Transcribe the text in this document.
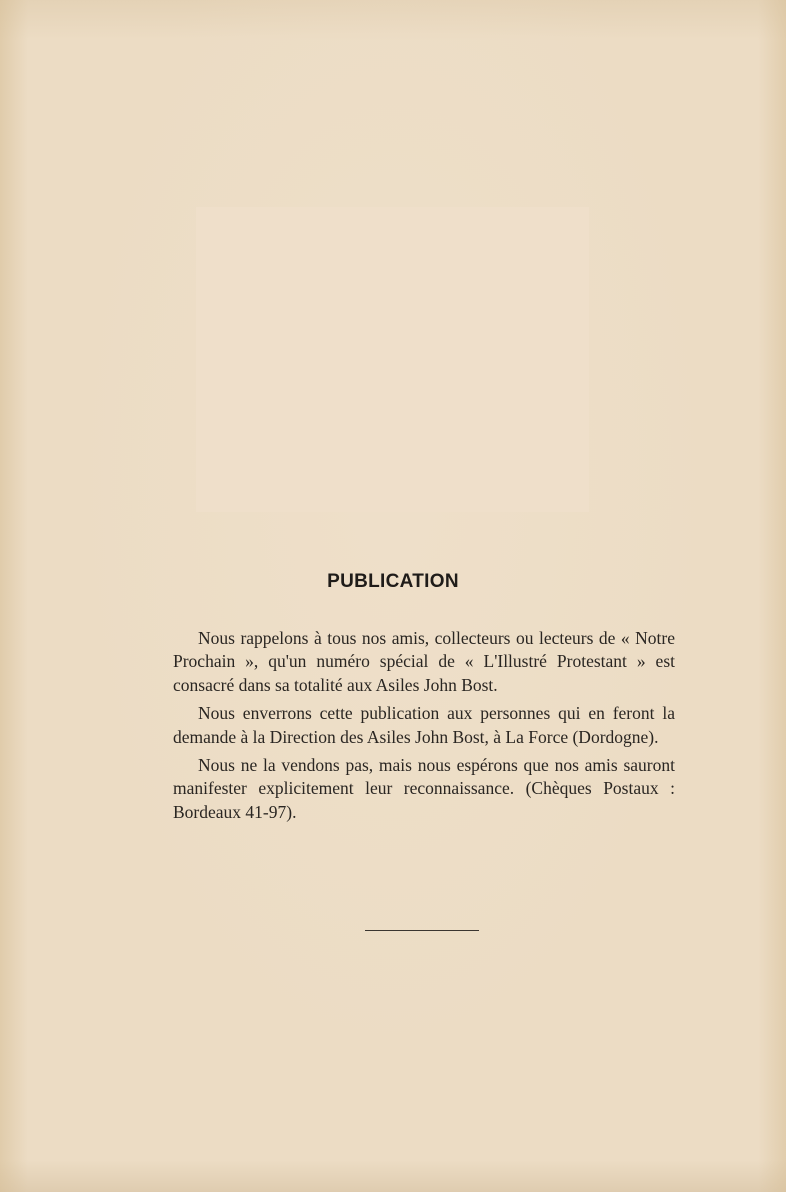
PUBLICATION

Nous rappelons à tous nos amis, collecteurs ou lecteurs de « Notre Prochain », qu'un numéro spécial de « L'Illustré Protestant » est consacré dans sa totalité aux Asiles John Bost.

Nous enverrons cette publication aux personnes qui en feront la demande à la Direction des Asiles John Bost, à La Force (Dordogne).

Nous ne la vendons pas, mais nous espérons que nos amis sauront manifester explicitement leur reconnaissance. (Chèques Postaux : Bordeaux 41-97).
